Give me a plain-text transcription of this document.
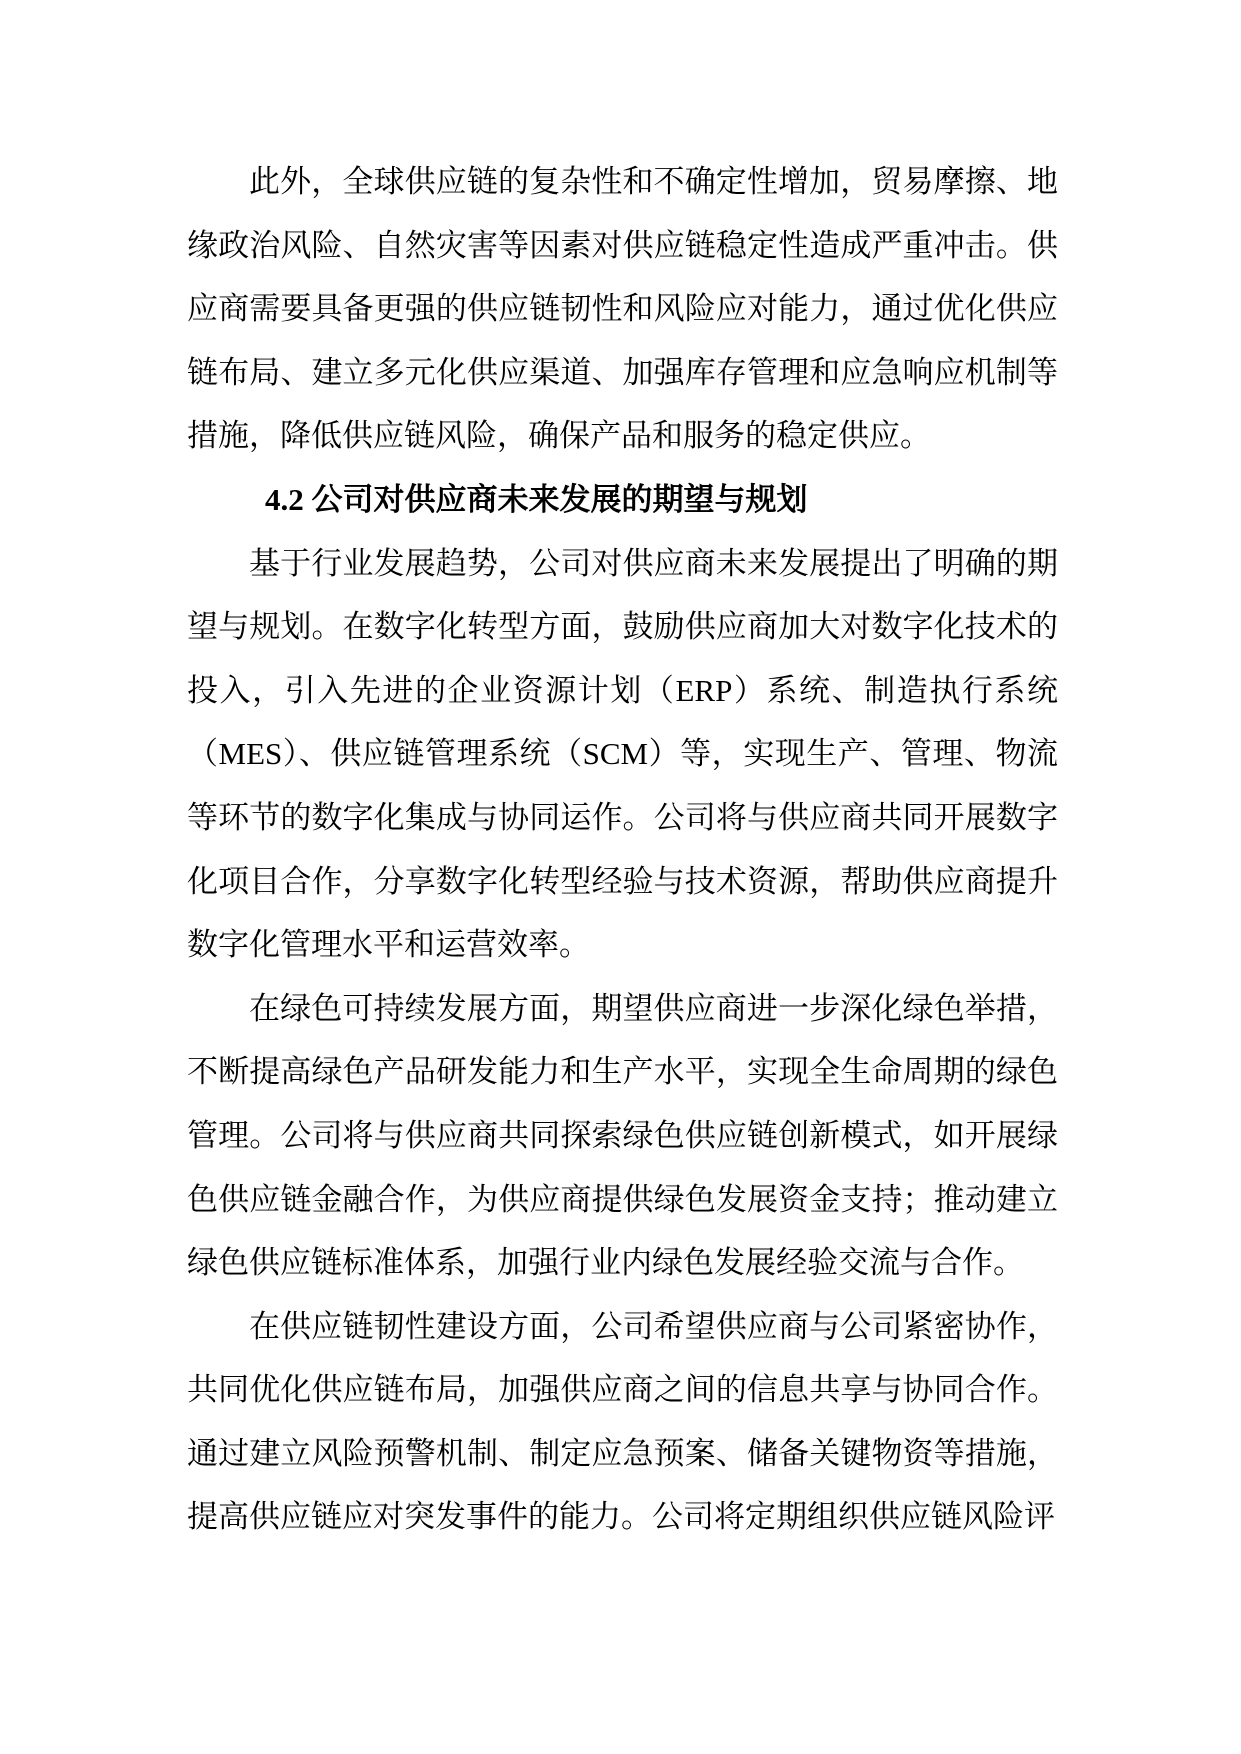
此外，全球供应链的复杂性和不确定性增加，贸易摩擦、地缘政治风险、自然灾害等因素对供应链稳定性造成严重冲击。供应商需要具备更强的供应链韧性和风险应对能力，通过优化供应链布局、建立多元化供应渠道、加强库存管理和应急响应机制等措施，降低供应链风险，确保产品和服务的稳定供应。

4.2 公司对供应商未来发展的期望与规划

基于行业发展趋势，公司对供应商未来发展提出了明确的期望与规划。在数字化转型方面，鼓励供应商加大对数字化技术的投入，引入先进的企业资源计划（ERP）系统、制造执行系统（MES）、供应链管理系统（SCM）等，实现生产、管理、物流等环节的数字化集成与协同运作。公司将与供应商共同开展数字化项目合作，分享数字化转型经验与技术资源，帮助供应商提升数字化管理水平和运营效率。

在绿色可持续发展方面，期望供应商进一步深化绿色举措，不断提高绿色产品研发能力和生产水平，实现全生命周期的绿色管理。公司将与供应商共同探索绿色供应链创新模式，如开展绿色供应链金融合作，为供应商提供绿色发展资金支持；推动建立绿色供应链标准体系，加强行业内绿色发展经验交流与合作。

在供应链韧性建设方面，公司希望供应商与公司紧密协作，共同优化供应链布局，加强供应商之间的信息共享与协同合作。通过建立风险预警机制、制定应急预案、储备关键物资等措施，提高供应链应对突发事件的能力。公司将定期组织供应链风险评
